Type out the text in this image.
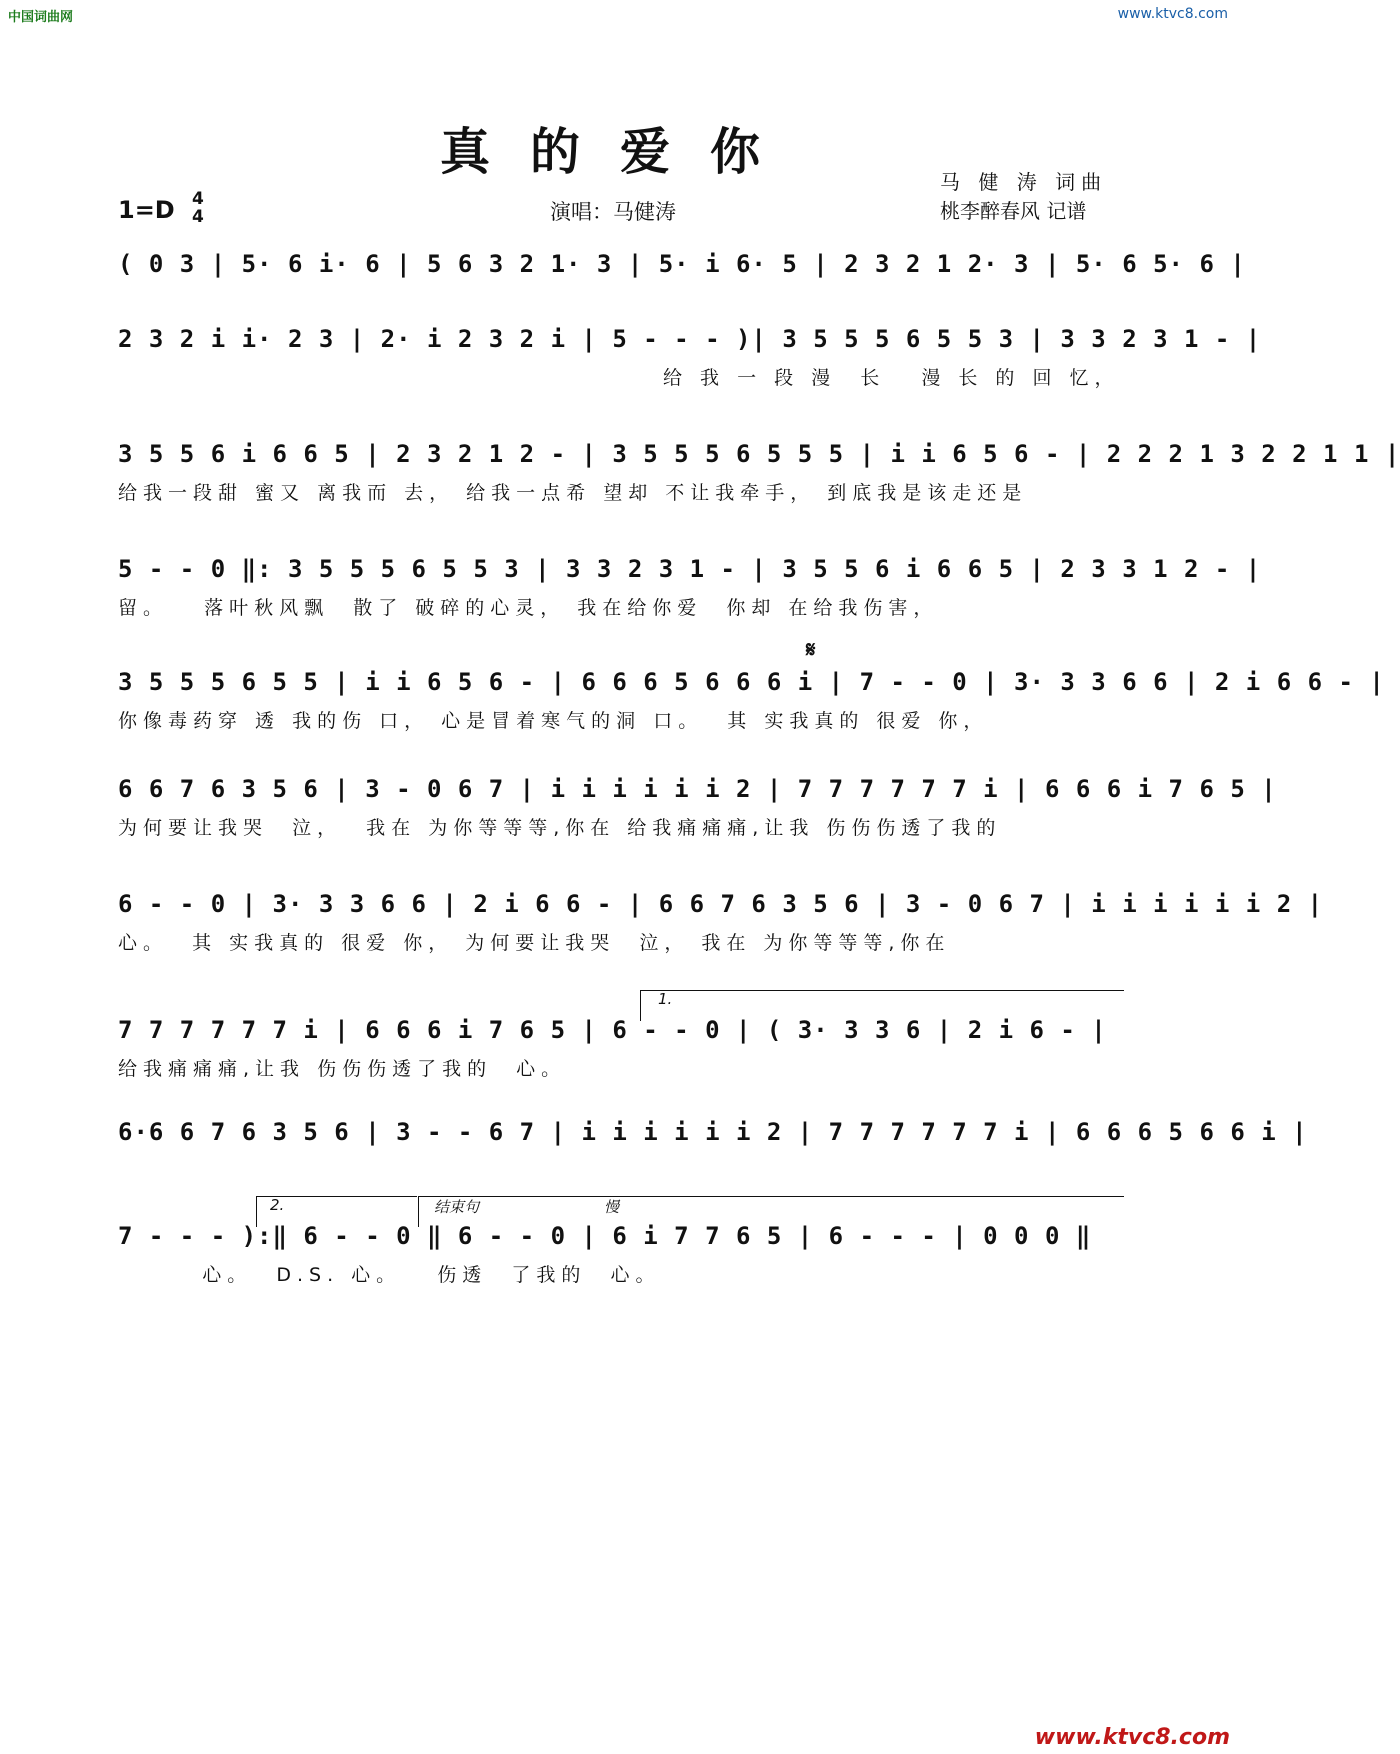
中国词曲网	www.ktvc8.com
真的爱你
1=D 4
4	演唱：马健涛
马 健 涛 词曲
桃李醉春风 记谱
( 0 3 | 5· 6 i· 6 | 5 6 3 2 1· 3 | 5· i 6· 5 | 2 3 2 1 2· 3 | 5· 6 5· 6 |
2 3 2 i i· 2 3 | 2· i 2 3 2 i | 5 - - - )| 3 5 5 5 6 5 5 3 | 3 3 2 3 1 - |
给 我 一 段 漫  长   漫 长 的 回 忆，
3 5 5 6 i 6 6 5 | 2 3 2 1 2 - | 3 5 5 5 6 5 5 5 | i i 6 5 6 - | 2 2 2 1 3 2 2 1 1 |
给我一段甜 蜜又 离我而 去， 给我一点希 望却 不让我牵手， 到底我是该走还是
5 - - 0 ‖: 3 5 5 5 6 5 5 3 | 3 3 2 3 1 - | 3 5 5 6 i 6 6 5 | 2 3 3 1 2 - |
留。   落叶秋风飘  散了 破碎的心灵， 我在给你爱  你却 在给我伤害，
𝄋
3 5 5 5 6 5 5 | i i 6 5 6 - | 6 6 6 5 6 6 6 i | 7 - - 0 | 3· 3 3 6 6 | 2 i 6 6 - |
你像毒药穿 透 我的伤 口， 心是冒着寒气的洞 口。  其 实我真的 很爱 你，
6 6 7 6 3 5 6 | 3 - 0 6 7 | i i i i i i 2 | 7 7 7 7 7 7 i | 6 6 6 i 7 6 5 |
为何要让我哭  泣，  我在 为你等等等,你在 给我痛痛痛,让我 伤伤伤透了我的
6 - - 0 | 3· 3 3 6 6 | 2 i 6 6 - | 6 6 7 6 3 5 6 | 3 - 0 6 7 | i i i i i i 2 |
心。  其 实我真的 很爱 你， 为何要让我哭  泣， 我在 为你等等等,你在
1.
7 7 7 7 7 7 i | 6 6 6 i 7 6 5 | 6 - - 0 | ( 3· 3 3 6 | 2 i 6 - |
给我痛痛痛,让我 伤伤伤透了我的  心。
6·6 6 7 6 3 5 6 | 3 - - 6 7 | i i i i i i 2 | 7 7 7 7 7 7 i | 6 6 6 5 6 6 i |
2.	结束句	慢
7 - - - ):‖ 6 - - 0 ‖ 6 - - 0 | 6 i 7 7 6 5 | 6 - - - | 0 0 0 ‖
心。  D.S. 心。   伤透  了我的  心。
www.ktvc8.com
